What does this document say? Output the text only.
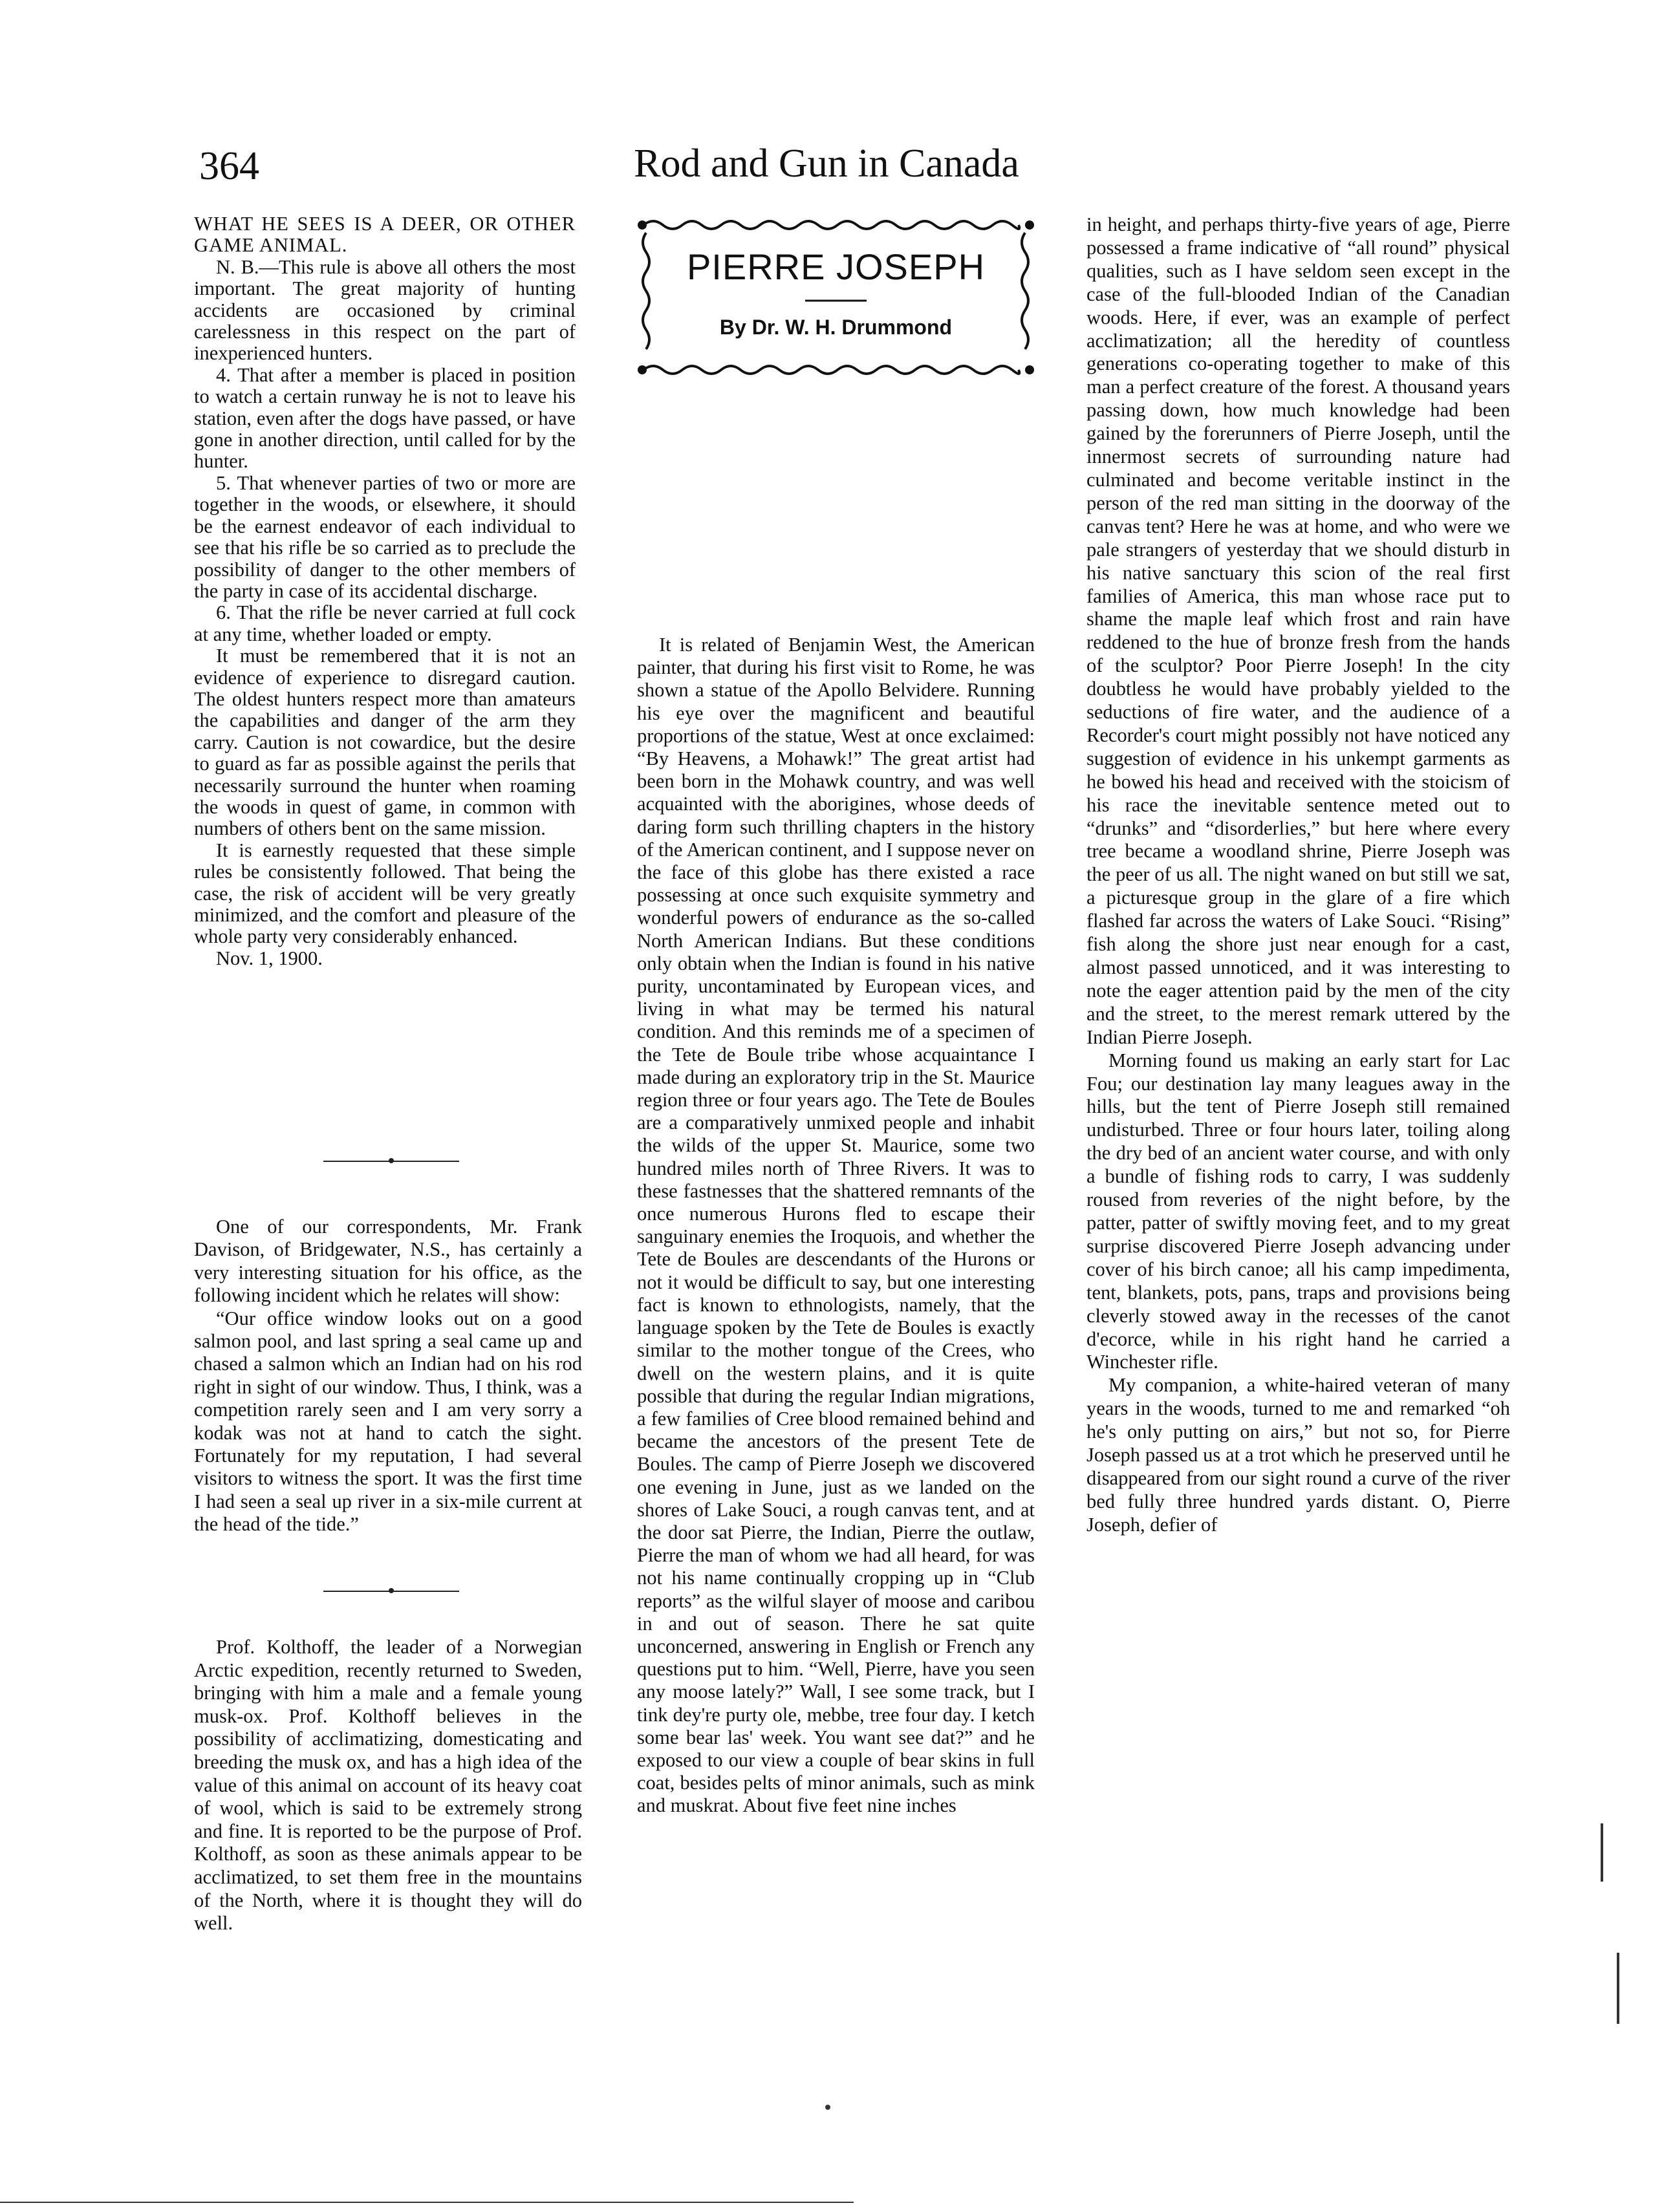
364	Rod and Gun in Canada

WHAT HE SEES IS A DEER, OR OTHER GAME ANIMAL.

N. B.—This rule is above all others the most important. The great majority of hunting accidents are occasioned by criminal carelessness in this respect on the part of inexperienced hunters.

4. That after a member is placed in position to watch a certain runway he is not to leave his station, even after the dogs have passed, or have gone in another direction, until called for by the hunter.

5. That whenever parties of two or more are together in the woods, or elsewhere, it should be the earnest endeavor of each individual to see that his rifle be so carried as to preclude the possibility of danger to the other members of the party in case of its accidental discharge.

6. That the rifle be never carried at full cock at any time, whether loaded or empty.

It must be remembered that it is not an evidence of experience to disregard caution. The oldest hunters respect more than amateurs the capabilities and danger of the arm they carry. Caution is not cowardice, but the desire to guard as far as possible against the perils that necessarily surround the hunter when roaming the woods in quest of game, in common with numbers of others bent on the same mission.

It is earnestly requested that these simple rules be consistently followed. That being the case, the risk of accident will be very greatly minimized, and the comfort and pleasure of the whole party very considerably enhanced.

Nov. 1, 1900.

One of our correspondents, Mr. Frank Davison, of Bridgewater, N.S., has certainly a very interesting situation for his office, as the following incident which he relates will show:

“Our office window looks out on a good salmon pool, and last spring a seal came up and chased a salmon which an Indian had on his rod right in sight of our window. Thus, I think, was a competition rarely seen and I am very sorry a kodak was not at hand to catch the sight. Fortunately for my reputation, I had several visitors to witness the sport. It was the first time I had seen a seal up river in a six-mile current at the head of the tide.”

Prof. Kolthoff, the leader of a Norwegian Arctic expedition, recently returned to Sweden, bringing with him a male and a female young musk-ox. Prof. Kolthoff believes in the possibility of acclimatizing, domesticating and breeding the musk ox, and has a high idea of the value of this animal on account of its heavy coat of wool, which is said to be extremely strong and fine. It is reported to be the purpose of Prof. Kolthoff, as soon as these animals appear to be acclimatized, to set them free in the mountains of the North, where it is thought they will do well.

PIERRE JOSEPH
By Dr. W. H. Drummond

It is related of Benjamin West, the American painter, that during his first visit to Rome, he was shown a statue of the Apollo Belvidere. Running his eye over the magnificent and beautiful proportions of the statue, West at once exclaimed: “By Heavens, a Mohawk!” The great artist had been born in the Mohawk country, and was well acquainted with the aborigines, whose deeds of daring form such thrilling chapters in the history of the American continent, and I suppose never on the face of this globe has there existed a race possessing at once such exquisite symmetry and wonderful powers of endurance as the so-called North American Indians. But these conditions only obtain when the Indian is found in his native purity, uncontaminated by European vices, and living in what may be termed his natural condition. And this reminds me of a specimen of the Tete de Boule tribe whose acquaintance I made during an exploratory trip in the St. Maurice region three or four years ago. The Tete de Boules are a comparatively unmixed people and inhabit the wilds of the upper St. Maurice, some two hundred miles north of Three Rivers. It was to these fastnesses that the shattered remnants of the once numerous Hurons fled to escape their sanguinary enemies the Iroquois, and whether the Tete de Boules are descendants of the Hurons or not it would be difficult to say, but one interesting fact is known to ethnologists, namely, that the language spoken by the Tete de Boules is exactly similar to the mother tongue of the Crees, who dwell on the western plains, and it is quite possible that during the regular Indian migrations, a few families of Cree blood remained behind and became the ancestors of the present Tete de Boules. The camp of Pierre Joseph we discovered one evening in June, just as we landed on the shores of Lake Souci, a rough canvas tent, and at the door sat Pierre, the Indian, Pierre the outlaw, Pierre the man of whom we had all heard, for was not his name continually cropping up in “Club reports” as the wilful slayer of moose and caribou in and out of season. There he sat quite unconcerned, answering in English or French any questions put to him. “Well, Pierre, have you seen any moose lately?” Wall, I see some track, but I tink dey're purty ole, mebbe, tree four day. I ketch some bear las' week. You want see dat?” and he exposed to our view a couple of bear skins in full coat, besides pelts of minor animals, such as mink and muskrat. About five feet nine inches

in height, and perhaps thirty-five years of age, Pierre possessed a frame indicative of “all round” physical qualities, such as I have seldom seen except in the case of the full-blooded Indian of the Canadian woods. Here, if ever, was an example of perfect acclimatization; all the heredity of countless generations co-operating together to make of this man a perfect creature of the forest. A thousand years passing down, how much knowledge had been gained by the forerunners of Pierre Joseph, until the innermost secrets of surrounding nature had culminated and become veritable instinct in the person of the red man sitting in the doorway of the canvas tent? Here he was at home, and who were we pale strangers of yesterday that we should disturb in his native sanctuary this scion of the real first families of America, this man whose race put to shame the maple leaf which frost and rain have reddened to the hue of bronze fresh from the hands of the sculptor? Poor Pierre Joseph! In the city doubtless he would have probably yielded to the seductions of fire water, and the audience of a Recorder's court might possibly not have noticed any suggestion of evidence in his unkempt garments as he bowed his head and received with the stoicism of his race the inevitable sentence meted out to “drunks” and “disorderlies,” but here where every tree became a woodland shrine, Pierre Joseph was the peer of us all. The night waned on but still we sat, a picturesque group in the glare of a fire which flashed far across the waters of Lake Souci. “Rising” fish along the shore just near enough for a cast, almost passed unnoticed, and it was interesting to note the eager attention paid by the men of the city and the street, to the merest remark uttered by the Indian Pierre Joseph.

Morning found us making an early start for Lac Fou; our destination lay many leagues away in the hills, but the tent of Pierre Joseph still remained undisturbed. Three or four hours later, toiling along the dry bed of an ancient water course, and with only a bundle of fishing rods to carry, I was suddenly roused from reveries of the night before, by the patter, patter of swiftly moving feet, and to my great surprise discovered Pierre Joseph advancing under cover of his birch canoe; all his camp impedimenta, tent, blankets, pots, pans, traps and provisions being cleverly stowed away in the recesses of the canot d'ecorce, while in his right hand he carried a Winchester rifle.

My companion, a white-haired veteran of many years in the woods, turned to me and remarked “oh he's only putting on airs,” but not so, for Pierre Joseph passed us at a trot which he preserved until he disappeared from our sight round a curve of the river bed fully three hundred yards distant. O, Pierre Joseph, defier of
